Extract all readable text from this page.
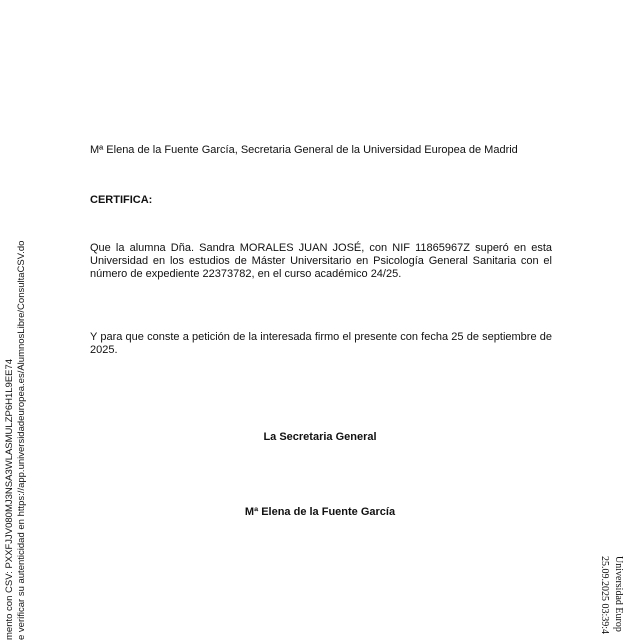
Mª Elena de la Fuente García, Secretaria General de la Universidad Europea de Madrid
CERTIFICA:
Que la alumna Dña. Sandra MORALES JUAN JOSÉ, con NIF 11865967Z superó en esta
Universidad en los estudios de Máster Universitario en Psicología General Sanitaria con el
número de expediente 22373782, en el curso académico 24/25.
Y para que conste a petición de la interesada firmo el presente con fecha 25 de septiembre de
2025.
La Secretaria General
Mª Elena de la Fuente García
mento con CSV: PXXFJJV080MJ3NSA3WLASMULZP6H1L9EE74 e verificar su autenticidad en https://app.universidadeuropea.es/AlumnosLibre/ConsultaCSV.do	Universidad Europ
25.09.2025 03:39:4
